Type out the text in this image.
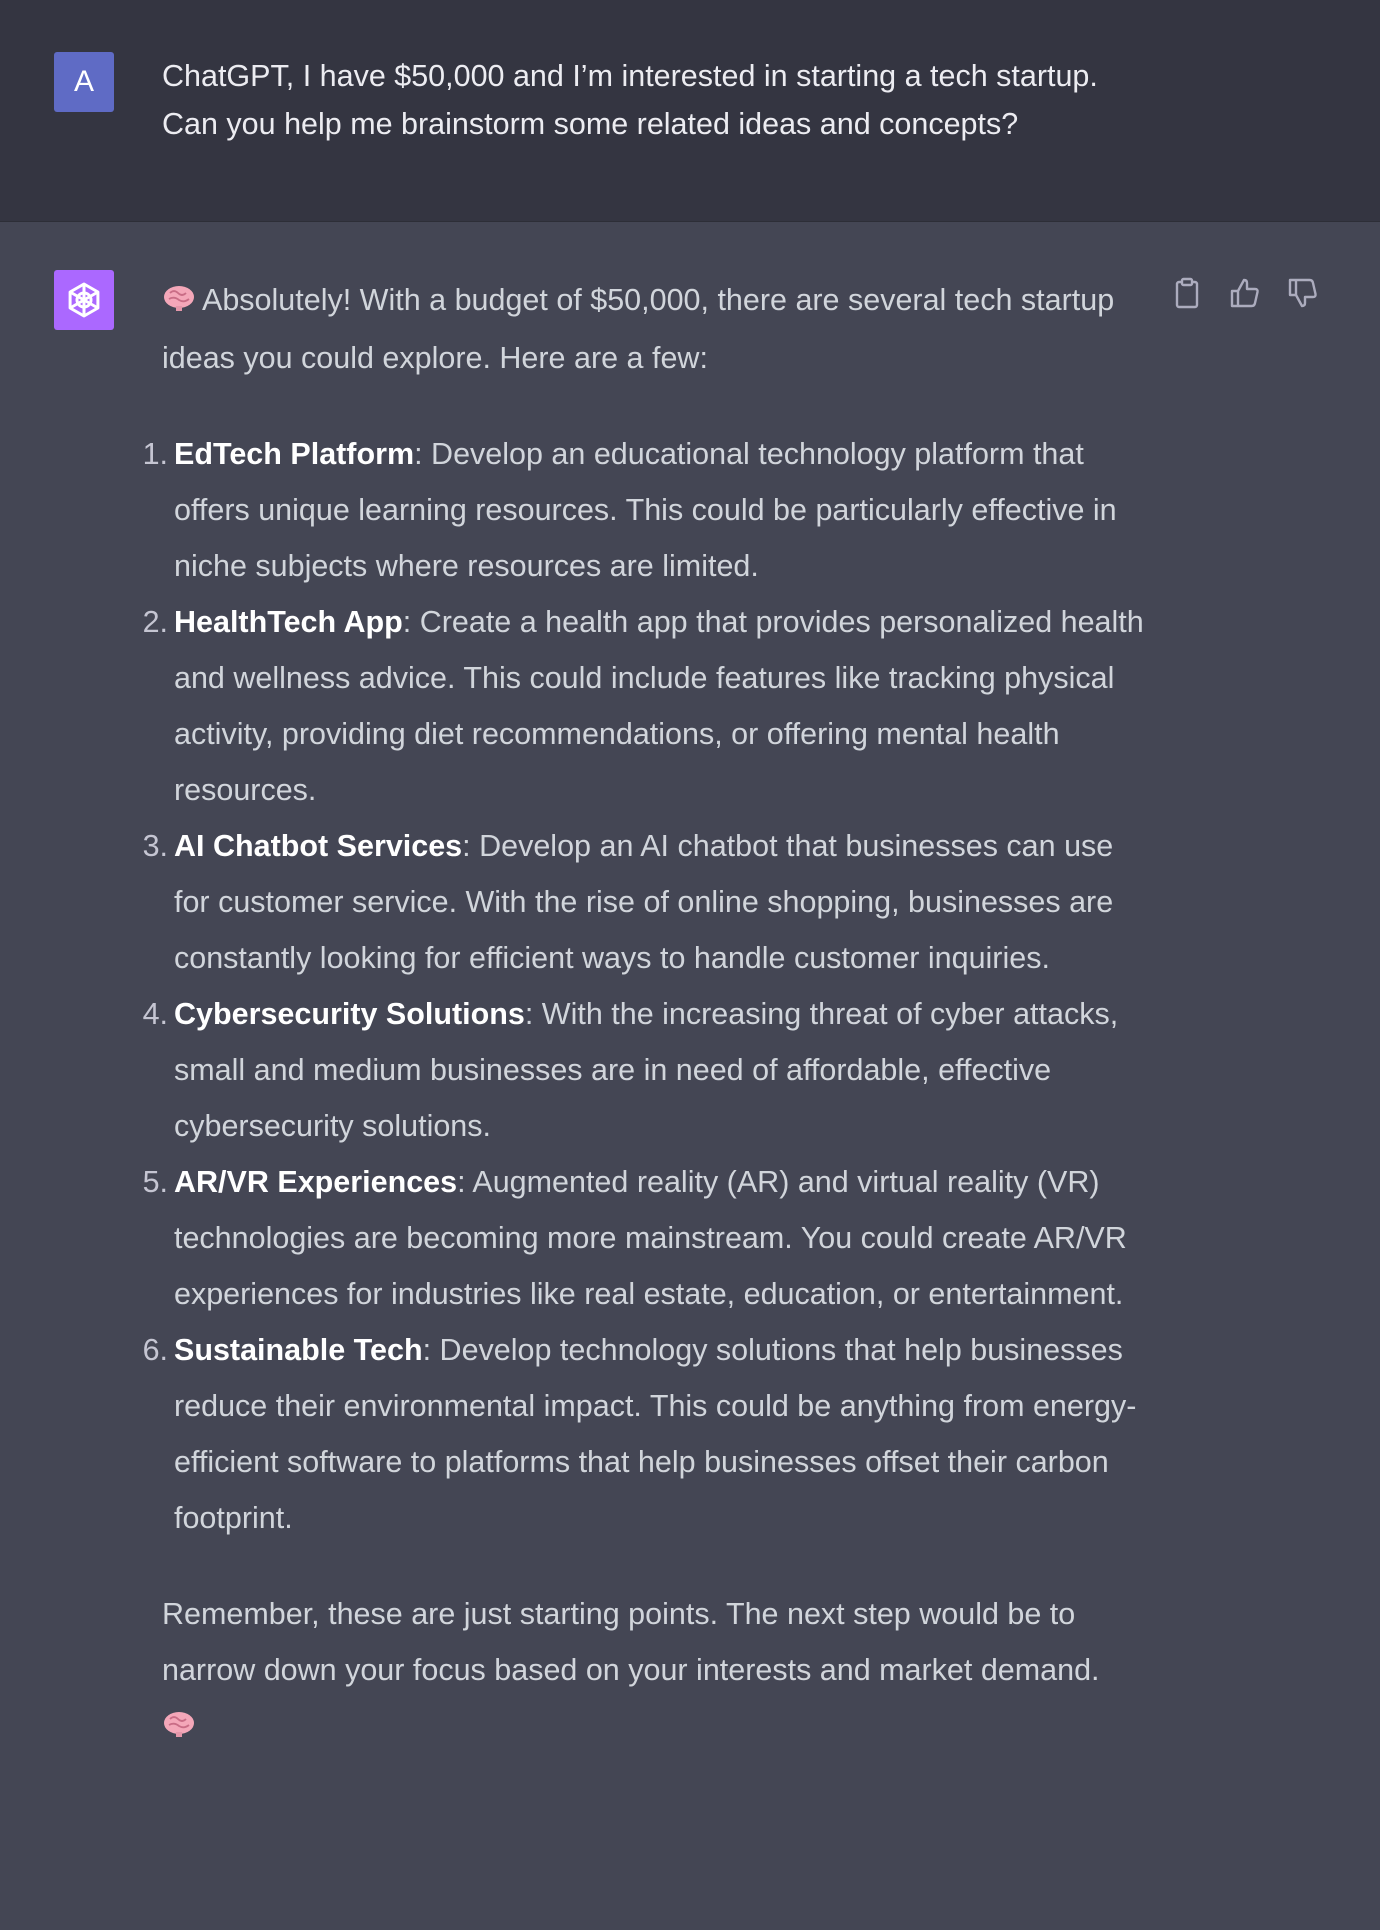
A ChatGPT, I have $50,000 and I’m interested in starting a tech startup.
Can you help me brainstorm some related ideas and concepts?

Absolutely! With a budget of $50,000, there are several tech startup ideas you could explore. Here are a few:

1. EdTech Platform: Develop an educational technology platform that offers unique learning resources. This could be particularly effective in niche subjects where resources are limited.
2. HealthTech App: Create a health app that provides personalized health and wellness advice. This could include features like tracking physical activity, providing diet recommendations, or offering mental health resources.
3. AI Chatbot Services: Develop an AI chatbot that businesses can use for customer service. With the rise of online shopping, businesses are constantly looking for efficient ways to handle customer inquiries.
4. Cybersecurity Solutions: With the increasing threat of cyber attacks, small and medium businesses are in need of affordable, effective cybersecurity solutions.
5. AR/VR Experiences: Augmented reality (AR) and virtual reality (VR) technologies are becoming more mainstream. You could create AR/VR experiences for industries like real estate, education, or entertainment.
6. Sustainable Tech: Develop technology solutions that help businesses reduce their environmental impact. This could be anything from energy-efficient software to platforms that help businesses offset their carbon footprint.

Remember, these are just starting points. The next step would be to narrow down your focus based on your interests and market demand.
